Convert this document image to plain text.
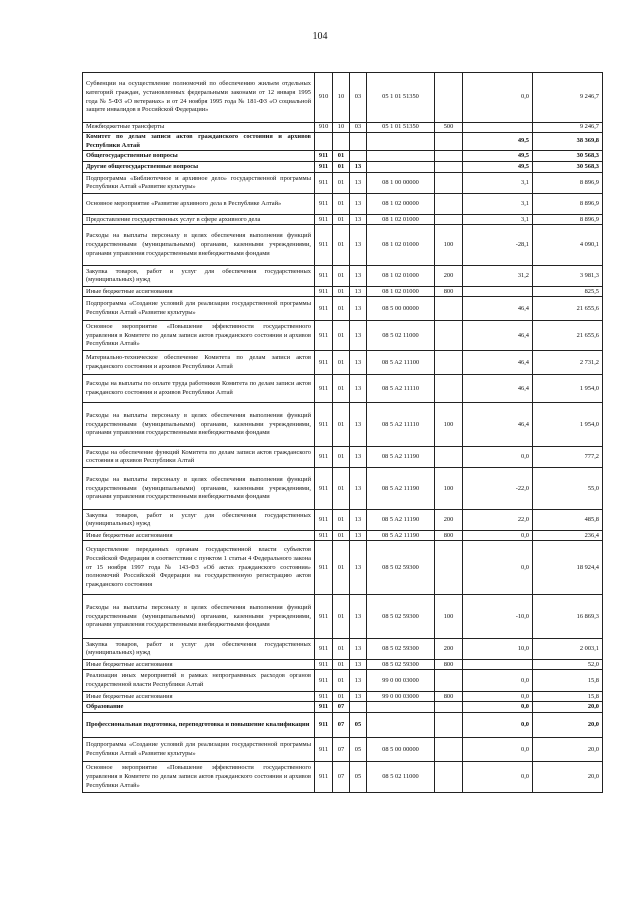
104
Субвенции на осуществление полномочий по обеспечению жильем отдельных категорий граждан, установленных федеральными законами от 12 января 1995 года № 5-ФЗ «О ветеранах» и от 24 ноября 1995 года № 181-ФЗ «О социальной защите инвалидов в Российской Федерации»	910	10	03	05 1 01 51350		0,0	9 246,7
Межбюджетные трансферты	910	10	03	05 1 01 51350	500		9 246,7
Комитет по делам записи актов гражданского состояния и архивов Республики Алтай						49,5	38 369,8
Общегосударственные вопросы	911	01				49,5	30 568,3
Другие общегосударственные вопросы	911	01	13			49,5	30 568,3
Подпрограмма «Библиотечное и архивное дело» государственной программы Республики Алтай «Развитие культуры»	911	01	13	08 1 00 00000		3,1	8 896,9
Основное мероприятие «Развитие архивного дела в Республике Алтай»	911	01	13	08 1 02 00000		3,1	8 896,9
Предоставление государственных услуг в сфере архивного дела	911	01	13	08 1 02 01000		3,1	8 896,9
Расходы на выплаты персоналу в целях обеспечения выполнения функций государственными (муниципальными) органами, казенными учреждениями, органами управления государственными внебюджетными фондами	911	01	13	08 1 02 01000	100	-28,1	4 090,1
Закупка товаров, работ и услуг для обеспечения государственных (муниципальных) нужд	911	01	13	08 1 02 01000	200	31,2	3 981,3
Иные бюджетные ассигнования	911	01	13	08 1 02 01000	800		825,5
Подпрограмма «Создание условий для реализации государственной программы Республики Алтай «Развитие культуры»	911	01	13	08 5 00 00000		46,4	21 655,6
Основное мероприятие «Повышение эффективности государственного управления в Комитете по делам записи актов гражданского состояния и архивов Республики Алтай»	911	01	13	08 5 02 11000		46,4	21 655,6
Материально-техническое обеспечение Комитета по делам записи актов гражданского состояния и архивов Республики Алтай	911	01	13	08 5 A2 11100		46,4	2 731,2
Расходы на выплаты по оплате труда работников Комитета по делам записи актов гражданского состояния и архивов Республики Алтай	911	01	13	08 5 A2 11110		46,4	1 954,0
Расходы на выплаты персоналу в целях обеспечения выполнения функций государственными (муниципальными) органами, казенными учреждениями, органами управления государственными внебюджетными фондами	911	01	13	08 5 A2 11110	100	46,4	1 954,0
Расходы на обеспечение функций Комитета по делам записи актов гражданского состояния и архивов Республики Алтай	911	01	13	08 5 A2 11190		0,0	777,2
Расходы на выплаты персоналу в целях обеспечения выполнения функций государственными (муниципальными) органами, казенными учреждениями, органами управления государственными внебюджетными фондами	911	01	13	08 5 A2 11190	100	-22,0	55,0
Закупка товаров, работ и услуг для обеспечения государственных (муниципальных) нужд	911	01	13	08 5 A2 11190	200	22,0	485,8
Иные бюджетные ассигнования	911	01	13	08 5 A2 11190	800	0,0	236,4
Осуществление переданных органам государственной власти субъектов Российской Федерации в соответствии с пунктом 1 статьи 4 Федерального закона от 15 ноября 1997 года № 143-ФЗ «Об актах гражданского состояния» полномочий Российской Федерации на государственную регистрацию актов гражданского состояния	911	01	13	08 5 02 59300		0,0	18 924,4
Расходы на выплаты персоналу в целях обеспечения выполнения функций государственными (муниципальными) органами, казенными учреждениями, органами управления государственными внебюджетными фондами	911	01	13	08 5 02 59300	100	-10,0	16 869,3
Закупка товаров, работ и услуг для обеспечения государственных (муниципальных) нужд	911	01	13	08 5 02 59300	200	10,0	2 003,1
Иные бюджетные ассигнования	911	01	13	08 5 02 59300	800		52,0
Реализация иных мероприятий в рамках непрограммных расходов органов государственной власти Республики Алтай	911	01	13	99 0 00 03000		0,0	15,8
Иные бюджетные ассигнования	911	01	13	99 0 00 03000	800	0,0	15,8
Образование	911	07				0,0	20,0
Профессиональная подготовка, переподготовка и повышение квалификации	911	07	05			0,0	20,0
Подпрограмма «Создание условий для реализации государственной программы Республики Алтай «Развитие культуры»	911	07	05	08 5 00 00000		0,0	20,0
Основное мероприятие «Повышение эффективности государственного управления в Комитете по делам записи актов гражданского состояния и архивов Республики Алтай»	911	07	05	08 5 02 11000		0,0	20,0
